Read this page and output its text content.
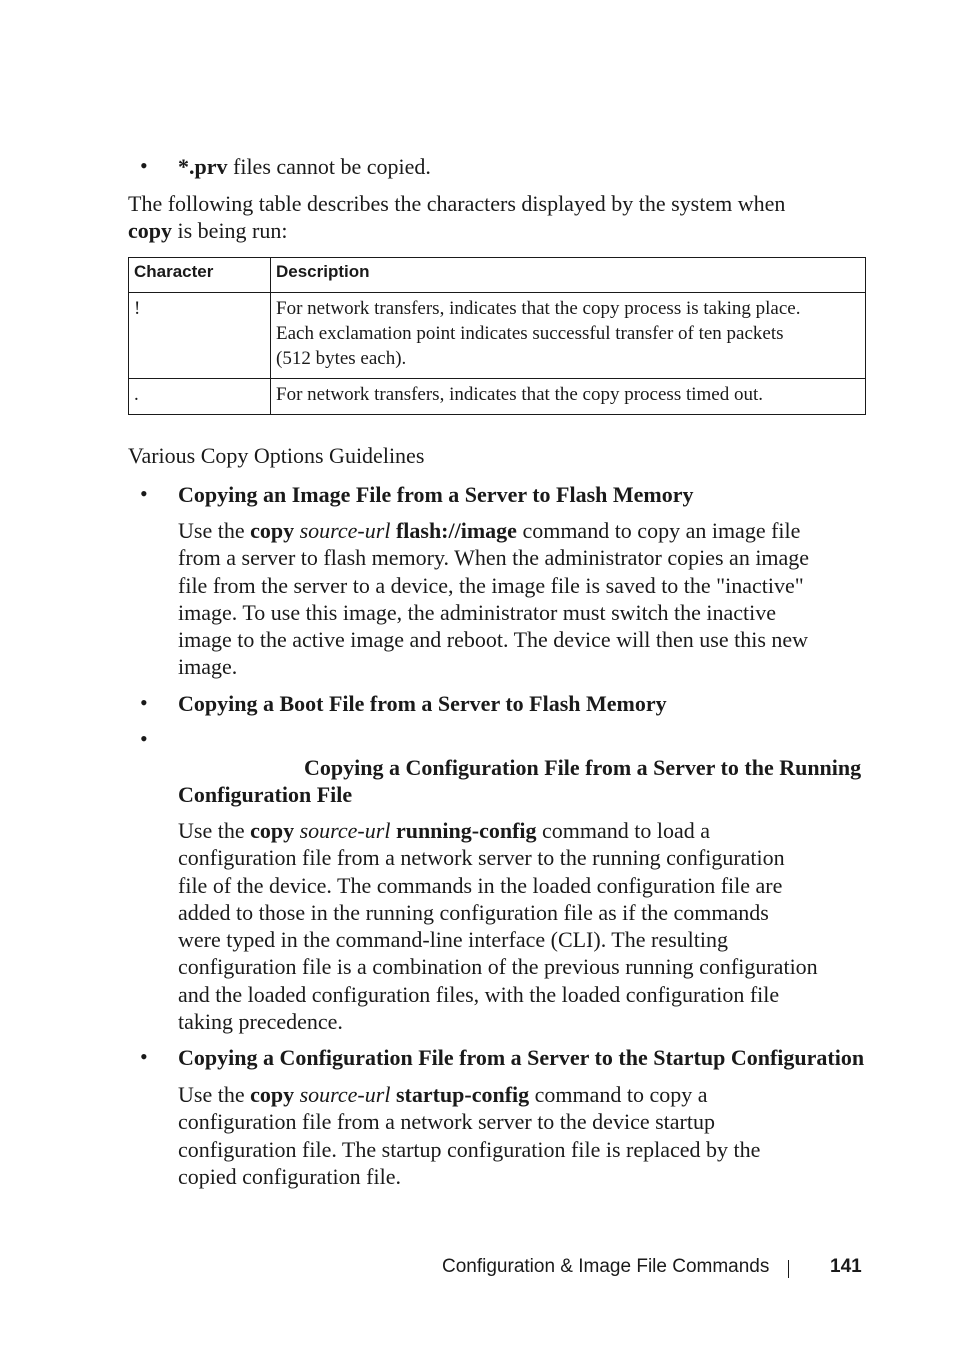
• *.prv files cannot be copied.
The following table describes the characters displayed by the system when
copy is being run:
Character	Description
!	For network transfers, indicates that the copy process is taking place.
Each exclamation point indicates successful transfer of ten packets
(512 bytes each).

.	For network transfers, indicates that the copy process timed out.
Various Copy Options Guidelines
• Copying an Image File from a Server to Flash Memory
Use the copy source-url flash://image command to copy an image file
from a server to flash memory. When the administrator copies an image
file from the server to a device, the image file is saved to the "inactive"
image. To use this image, the administrator must switch the inactive
image to the active image and reboot. The device will then use this new
image.
• Copying a Boot File from a Server to Flash Memory
•
Copying a Configuration File from a Server to the Running
Configuration File
Use the copy source-url running-config command to load a
configuration file from a network server to the running configuration
file of the device. The commands in the loaded configuration file are
added to those in the running configuration file as if the commands
were typed in the command-line interface (CLI). The resulting
configuration file is a combination of the previous running configuration
and the loaded configuration files, with the loaded configuration file
taking precedence.
• Copying a Configuration File from a Server to the Startup Configuration
Use the copy source-url startup-config command to copy a
configuration file from a network server to the device startup
configuration file. The startup configuration file is replaced by the
copied configuration file.
Configuration & Image File Commands	141
